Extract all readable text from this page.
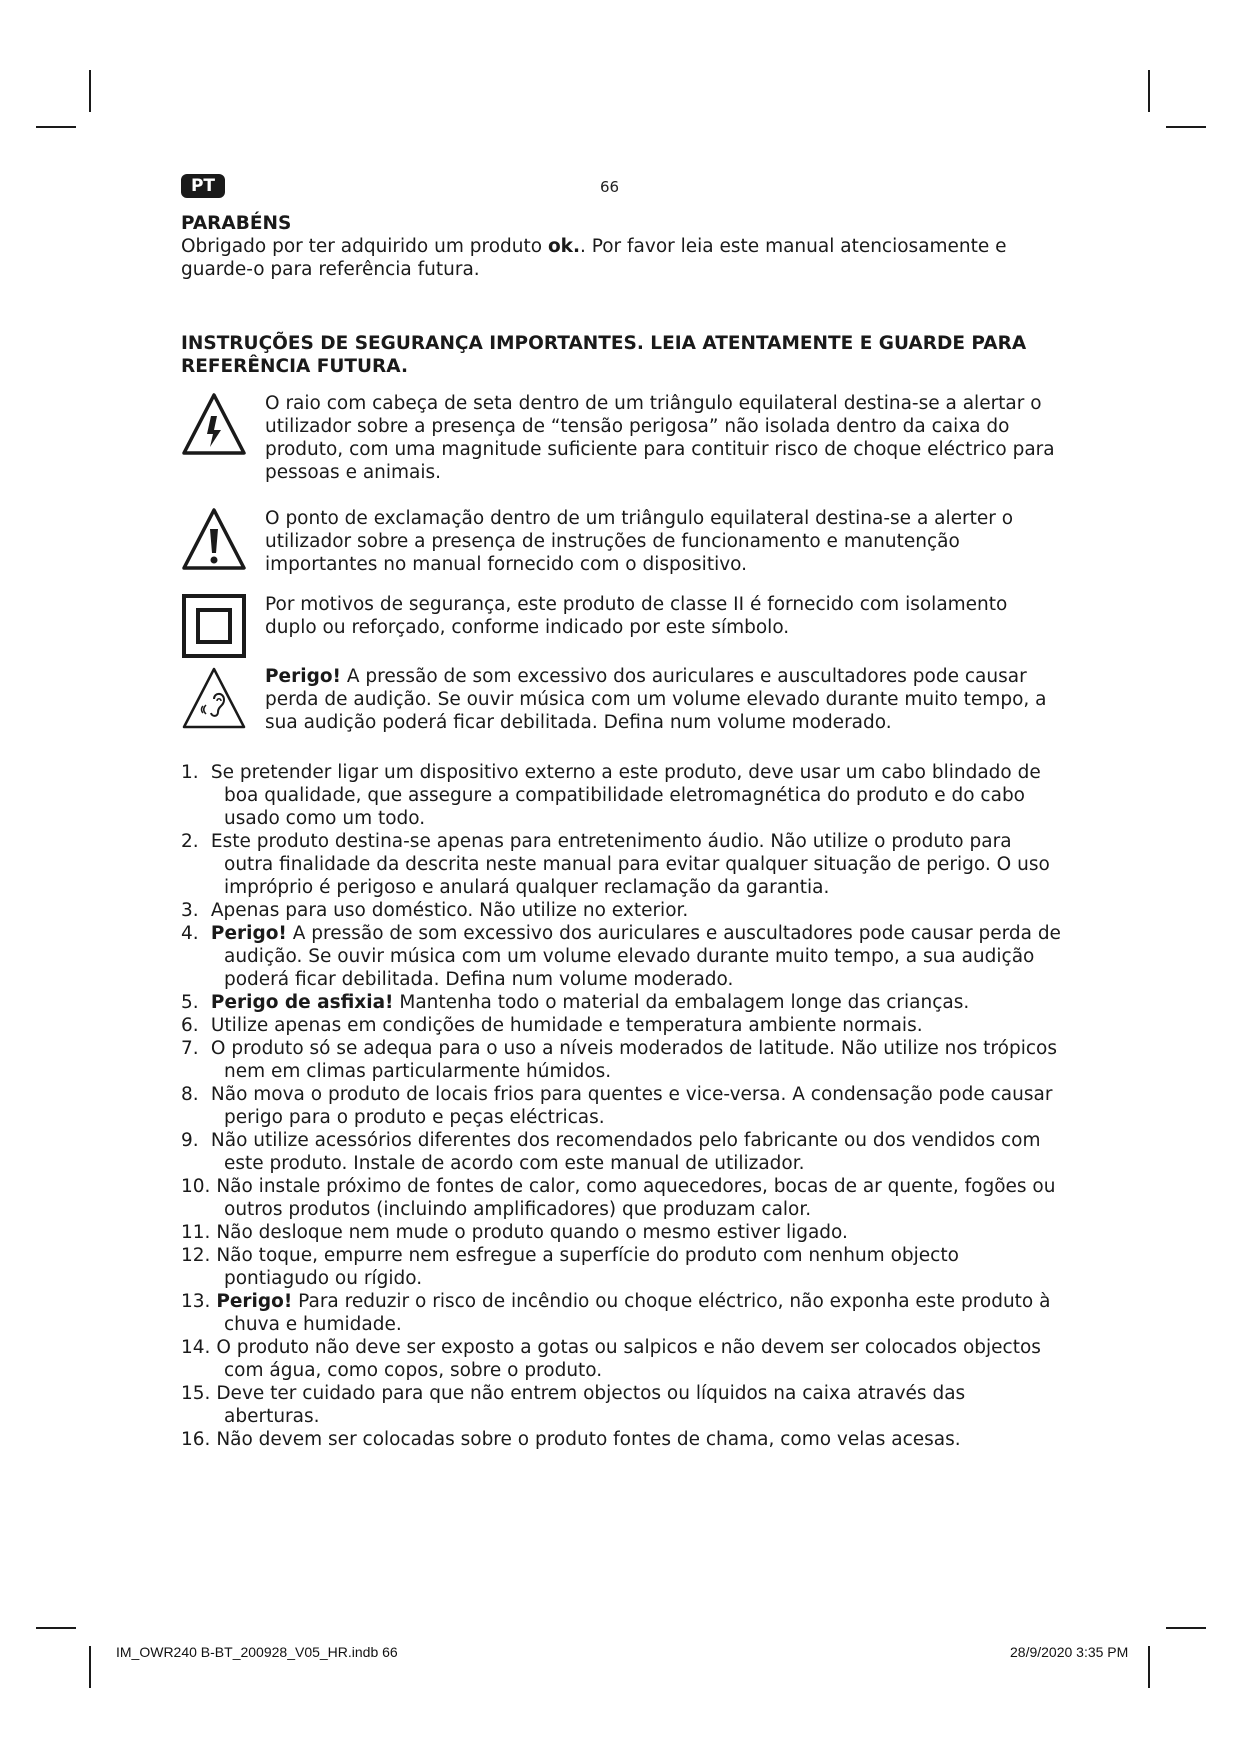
PT	66
PARABÉNS
Obrigado por ter adquirido um produto ok.. Por favor leia este manual atenciosamente e guarde-o para referência futura.
INSTRUÇÕES DE SEGURANÇA IMPORTANTES. LEIA ATENTAMENTE E GUARDE PARA REFERÊNCIA FUTURA.
O raio com cabeça de seta dentro de um triângulo equilateral destina-se a alertar o utilizador sobre a presença de “tensão perigosa” não isolada dentro da caixa do produto, com uma magnitude suficiente para contituir risco de choque eléctrico para pessoas e animais.
O ponto de exclamação dentro de um triângulo equilateral destina-se a alerter o utilizador sobre a presença de instruções de funcionamento e manutenção importantes no manual fornecido com o dispositivo.
Por motivos de segurança, este produto de classe II é fornecido com isolamento duplo ou reforçado, conforme indicado por este símbolo.
Perigo! A pressão de som excessivo dos auriculares e auscultadores pode causar perda de audição. Se ouvir música com um volume elevado durante muito tempo, a sua audição poderá ficar debilitada. Defina num volume moderado.
1. Se pretender ligar um dispositivo externo a este produto, deve usar um cabo blindado de boa qualidade, que assegure a compatibilidade eletromagnética do produto e do cabo usado como um todo.
2. Este produto destina-se apenas para entretenimento áudio. Não utilize o produto para outra finalidade da descrita neste manual para evitar qualquer situação de perigo. O uso impróprio é perigoso e anulará qualquer reclamação da garantia.
3. Apenas para uso doméstico. Não utilize no exterior.
4. Perigo! A pressão de som excessivo dos auriculares e auscultadores pode causar perda de audição. Se ouvir música com um volume elevado durante muito tempo, a sua audição poderá ficar debilitada. Defina num volume moderado.
5. Perigo de asfixia! Mantenha todo o material da embalagem longe das crianças.
6. Utilize apenas em condições de humidade e temperatura ambiente normais.
7. O produto só se adequa para o uso a níveis moderados de latitude. Não utilize nos trópicos nem em climas particularmente húmidos.
8. Não mova o produto de locais frios para quentes e vice-versa. A condensação pode causar perigo para o produto e peças eléctricas.
9. Não utilize acessórios diferentes dos recomendados pelo fabricante ou dos vendidos com este produto. Instale de acordo com este manual de utilizador.
10. Não instale próximo de fontes de calor, como aquecedores, bocas de ar quente, fogões ou outros produtos (incluindo amplificadores) que produzam calor.
11. Não desloque nem mude o produto quando o mesmo estiver ligado.
12. Não toque, empurre nem esfregue a superfície do produto com nenhum objecto pontiagudo ou rígido.
13. Perigo! Para reduzir o risco de incêndio ou choque eléctrico, não exponha este produto à chuva e humidade.
14. O produto não deve ser exposto a gotas ou salpicos e não devem ser colocados objectos com água, como copos, sobre o produto.
15. Deve ter cuidado para que não entrem objectos ou líquidos na caixa através das aberturas.
16. Não devem ser colocadas sobre o produto fontes de chama, como velas acesas.
IM_OWR240 B-BT_200928_V05_HR.indb 66	28/9/2020 3:35 PM
